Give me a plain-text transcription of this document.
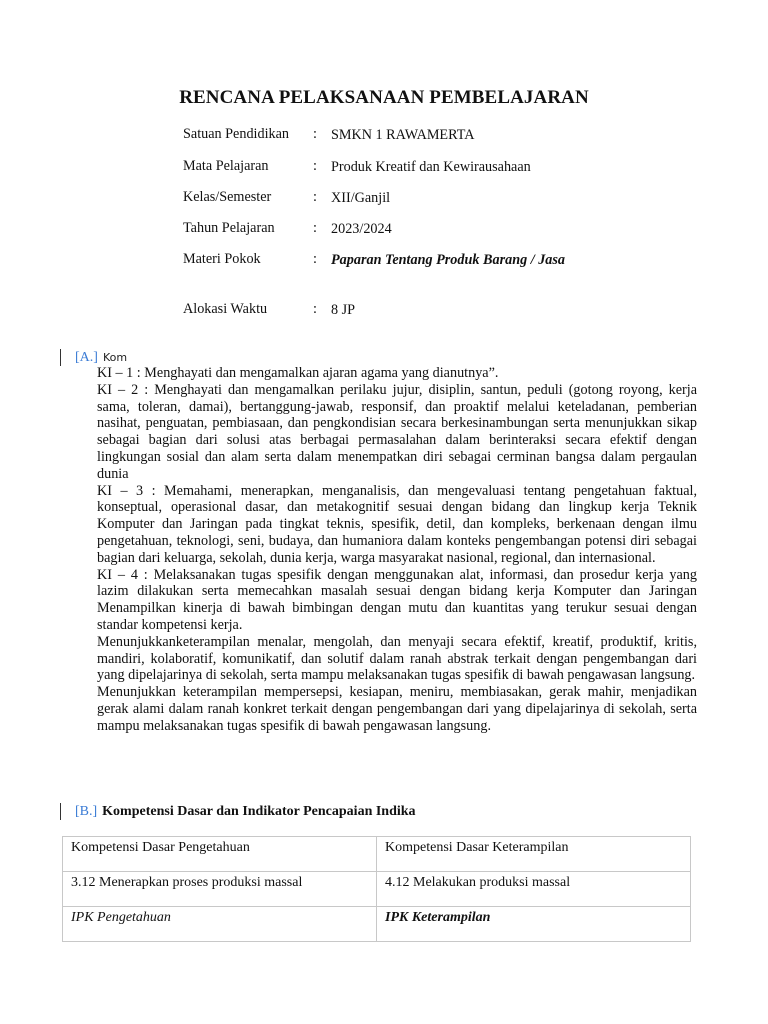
RENCANA PELAKSANAAN PEMBELAJARAN
Satuan Pendidikan : SMKN 1 RAWAMERTA
Mata Pelajaran	: Produk Kreatif dan Kewirausahaan
Kelas/Semester	: XII/Ganjil
Tahun Pelajaran	: 2023/2024
Materi Pokok	: Paparan Tentang Produk Barang / Jasa
Alokasi Waktu	: 8 JP
[A.] Kom

KI – 1 : Menghayati dan mengamalkan ajaran agama yang dianutnya”.

KI – 2 : Menghayati dan mengamalkan perilaku jujur, disiplin, santun, peduli (gotong royong, kerja sama, toleran, damai), bertanggung-jawab, responsif, dan proaktif melalui keteladanan, pemberian nasihat, penguatan, pembiasaan, dan pengkondisian secara berkesinambungan serta menunjukkan sikap sebagai bagian dari solusi atas berbagai permasalahan dalam berinteraksi secara efektif dengan lingkungan sosial dan alam serta dalam menempatkan diri sebagai cerminan bangsa dalam pergaulan dunia

KI – 3 : Memahami, menerapkan, menganalisis, dan mengevaluasi tentang pengetahuan faktual, konseptual, operasional dasar, dan metakognitif sesuai dengan bidang dan lingkup kerja Teknik Komputer dan Jaringan pada tingkat teknis, spesifik, detil, dan kompleks, berkenaan dengan ilmu pengetahuan, teknologi, seni, budaya, dan humaniora dalam konteks pengembangan potensi diri sebagai bagian dari keluarga, sekolah, dunia kerja, warga masyarakat nasional, regional, dan internasional.

KI – 4 : Melaksanakan tugas spesifik dengan menggunakan alat, informasi, dan prosedur kerja yang lazim dilakukan serta memecahkan masalah sesuai dengan bidang kerja Komputer dan Jaringan Menampilkan kinerja di bawah bimbingan dengan mutu dan kuantitas yang terukur sesuai dengan standar kompetensi kerja.

Menunjukkanketerampilan menalar, mengolah, dan menyaji secara efektif, kreatif, produktif, kritis, mandiri, kolaboratif, komunikatif, dan solutif dalam ranah abstrak terkait dengan pengembangan dari yang dipelajarinya di sekolah, serta mampu melaksanakan tugas spesifik di bawah pengawasan langsung.

Menunjukkan keterampilan mempersepsi, kesiapan, meniru, membiasakan, gerak mahir, menjadikan gerak alami dalam ranah konkret terkait dengan pengembangan dari yang dipelajarinya di sekolah, serta mampu melaksanakan tugas spesifik di bawah pengawasan langsung.

[B.] Kompetensi Dasar dan Indikator Pencapaian Indika
Kompetensi Dasar Pengetahuan	Kompetensi Dasar Keterampilan
3.12 Menerapkan proses produksi massal	4.12 Melakukan produksi massal
IPK Pengetahuan	IPK Keterampilan
